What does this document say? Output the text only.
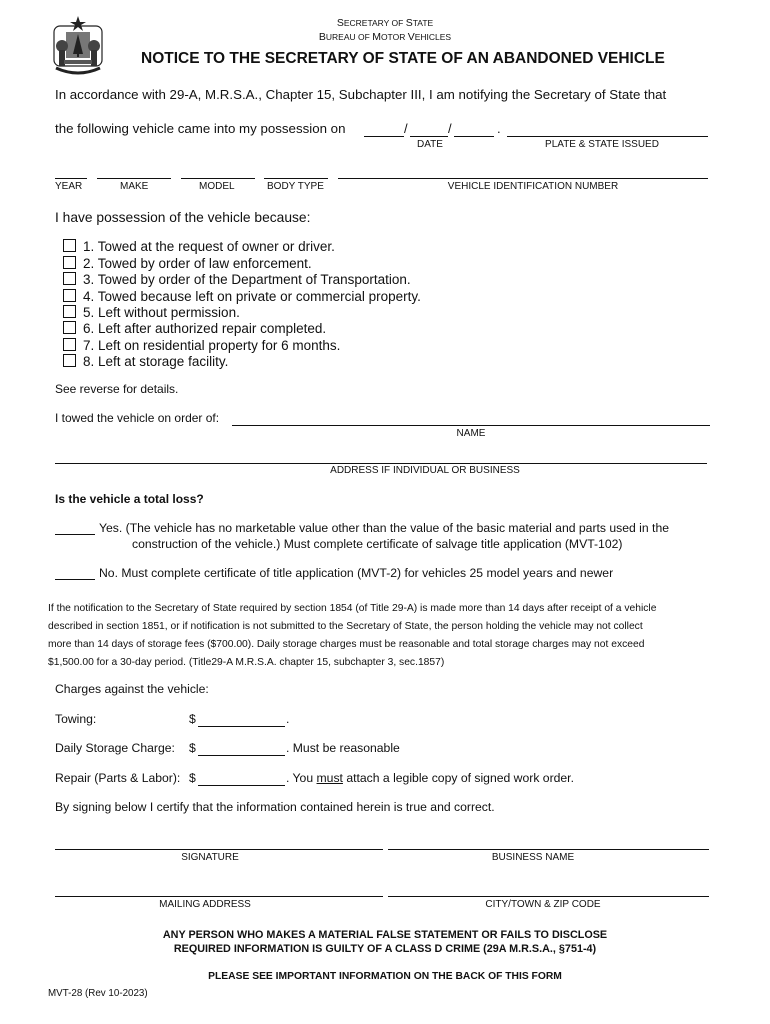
SECRETARY OF STATE
BUREAU OF MOTOR VEHICLES
NOTICE TO THE SECRETARY OF STATE OF AN ABANDONED VEHICLE
In accordance with 29-A, M.R.S.A., Chapter 15, Subchapter III, I am notifying the Secretary of State that
the following vehicle came into my possession on	/	/	.
DATE	PLATE & STATE ISSUED
YEAR	MAKE	MODEL	BODY TYPE	VEHICLE IDENTIFICATION NUMBER
I have possession of the vehicle because:
1. Towed at the request of owner or driver.
2. Towed by order of law enforcement.
3. Towed by order of the Department of Transportation.
4. Towed because left on private or commercial property.
5. Left without permission.
6. Left after authorized repair completed.
7. Left on residential property for 6 months.
8. Left at storage facility.
See reverse for details.
I towed the vehicle on order of:
NAME
ADDRESS IF INDIVIDUAL OR BUSINESS
Is the vehicle a total loss?
Yes. (The vehicle has no marketable value other than the value of the basic material and parts used in the
construction of the vehicle.) Must complete certificate of salvage title application (MVT-102)
No. Must complete certificate of title application (MVT-2) for vehicles 25 model years and newer
If the notification to the Secretary of State required by section 1854 (of Title 29-A) is made more than 14 days after receipt of a vehicle
described in section 1851, or if notification is not submitted to the Secretary of State, the person holding the vehicle may not collect
more than 14 days of storage fees ($700.00). Daily storage charges must be reasonable and total storage charges may not exceed
$1,500.00 for a 30-day period. (Title29-A M.R.S.A. chapter 15, subchapter 3, sec.1857)
Charges against the vehicle:
Towing:	$	.
Daily Storage Charge: $	. Must be reasonable
Repair (Parts & Labor): $	. You must attach a legible copy of signed work order.
By signing below I certify that the information contained herein is true and correct.
SIGNATURE	BUSINESS NAME
MAILING ADDRESS	CITY/TOWN & ZIP CODE
ANY PERSON WHO MAKES A MATERIAL FALSE STATEMENT OR FAILS TO DISCLOSE
REQUIRED INFORMATION IS GUILTY OF A CLASS D CRIME (29A M.R.S.A., §751-4)
PLEASE SEE IMPORTANT INFORMATION ON THE BACK OF THIS FORM
MVT-28 (Rev 10-2023)
